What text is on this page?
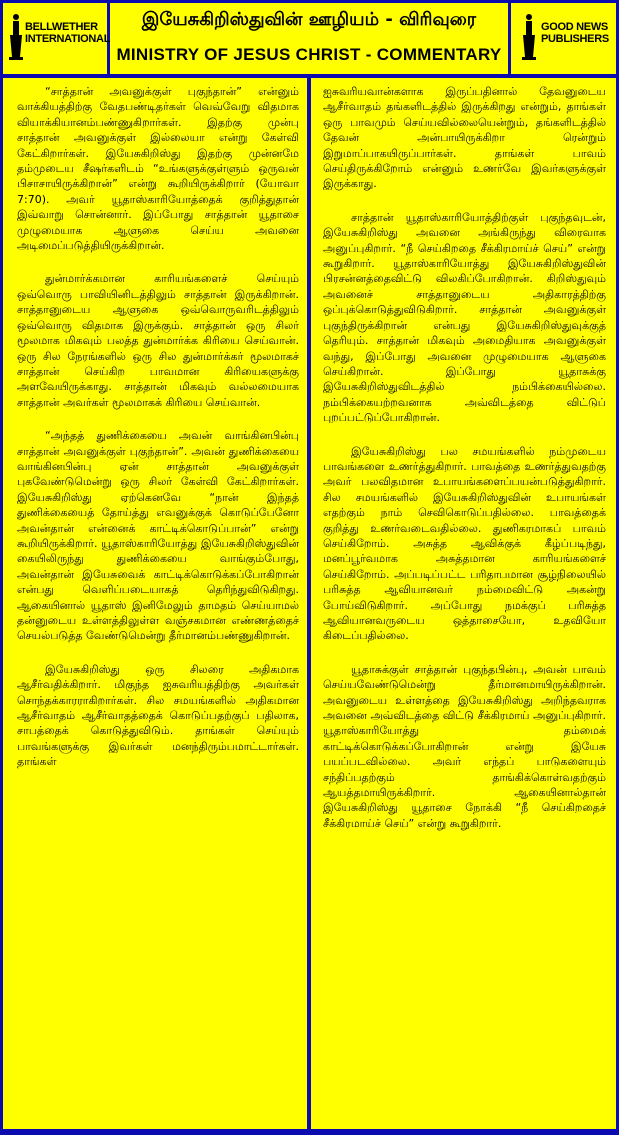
BELLWETHER
INTERNATIONAL
இயேசுகிறிஸ்துவின் ஊழியம் - விரிவுரை
MINISTRY OF JESUS CHRIST - COMMENTARY
GOOD NEWS
PUBLISHERS

“சாத்தான் அவனுக்குள் புகுந்தான்” என்னும் வாக்கியத்திற்கு வேதபண்டிதர்கள் வெவ்வேறு விதமாக வியாக்கியானம்பண்ணுகிறார்கள். இதற்கு முன்பு சாத்தான் அவனுக்குள் இல்லையா என்று கேள்வி கேட்கிறார்கள். இயேசுகிறிஸ்து இதற்கு முன்னமே தம்முடைய சீஷர்களிடம் “உங்களுக்குள்ளும் ஒருவன் பிசாசாயிருக்கிறான்” என்று கூறியிருக்கிறார் (யோவா 7:70). அவர் யூதாஸ்காரியோத்தைக் குறித்துதான் இவ்வாறு சொன்னார். இப்போது சாத்தான் யூதாசை முழுமையாக ஆளுகை செய்ய அவனை அடிமைப்படுத்தியிருக்கிறான்.

துன்மார்க்கமான காரியங்களைச் செய்யும் ஒவ்வொரு பாவியினிடத்திலும் சாத்தான் இருக்கிறான். சாத்தானுடைய ஆளுகை ஒவ்வொருவரிடத்திலும் ஒவ்வொரு விதமாக இருக்கும். சாத்தான் ஒரு சிலர் மூலமாக மிகவும் பலத்த துன்மார்க்க கிரியை செய்வான். ஒரு சில நேரங்களில் ஒரு சில துன்மார்க்கர் மூலமாகச் சாத்தான் செய்கிற பாவமான கிரியைகளுக்கு அளவேயிருக்காது. சாத்தான் மிகவும் வல்லமையாக சாத்தான் அவர்கள் மூலமாகக் கிரியை செய்வான்.

“அந்தத் துணிக்கையை அவன் வாங்கினபின்பு சாத்தான் அவனுக்குள் புகுந்தான்”. அவன் துணிக்கையை வாங்கினபின்பு ஏன் சாத்தான் அவனுக்குள் புகவேண்டுமென்று ஒரு சிலர் கேள்வி கேட்கிறார்கள். இயேசுகிறிஸ்து ஏற்கெனவே “நான் இந்தத் துணிக்கையைத் தோய்த்து எவனுக்குக் கொடுப்பேனோ அவன்தான் என்னைக் காட்டிக்கொடுப்பான்” என்று கூறியிருக்கிறார். யூதாஸ்காரியோத்து இயேசுகிறிஸ்துவின் கையிலிருந்து துணிக்கையை வாங்கும்போது, அவன்தான் இயேசுவைக் காட்டிக்கொடுக்கப்போகிறான் என்பது வெளிப்படையாகத் தெரிந்துவிடுகிறது. ஆகையினால் யூதாஸ் இனிமேலும் தாமதம் செய்யாமல் தன்னுடைய உள்ளத்திலுள்ள வஞ்சகமான எண்ணத்தைச் செயல்படுத்த வேண்டுமென்று தீர்மானம்பண்ணுகிறான்.

இயேசுகிறிஸ்து ஒரு சிலரை அதிகமாக ஆசீர்வதிக்கிறார். மிகுந்த ஐசுவரியத்திற்கு அவர்கள் சொந்தக்காரராகிறார்கள். சில சமயங்களில் அதிகமான ஆசீர்வாதம் ஆசீர்வாதத்தைக் கொடுப்பதற்குப் பதிலாக, சாபத்தைக் கொடுத்துவிடும். தாங்கள் செய்யும் பாவங்களுக்கு இவர்கள் மனந்திரும்பமாட்டார்கள். தாங்கள்

ஐசுவரியவான்களாக இருப்பதினால் தேவனுடைய ஆசீர்வாதம் தங்களிடத்தில் இருக்கிறது என்றும், தாங்கள் ஒரு பாவமும் செய்யவில்லையென்றும், தங்களிடத்தில் தேவன் அன்பாயிருக்கிறா ரென்றும் இறுமாப்பாகயிருப்பார்கள். தாங்கள் பாவம் செய்திருக்கிறோம் என்னும் உணர்வே இவர்களுக்குள் இருக்காது.

சாத்தான் யூதாஸ்காரியோத்திற்குள் புகுந்தவுடன், இயேசுகிறிஸ்து அவனை அங்கிருந்து விரைவாக அனுப்புகிறார். “நீ செய்கிறதை சீக்கிரமாய்ச் செய்” என்று கூறுகிறார். யூதாஸ்காரியோத்து இயேசுகிறிஸ்துவின் பிரசன்னத்தைவிட்டு விலகிப்போகிறான். கிறிஸ்துவும் அவனைச் சாத்தானுடைய அதிகாரத்திற்கு ஒப்புக்கொடுத்துவிடுகிறார். சாத்தான் அவனுக்குள் புகுந்திருக்கிறான் என்பது இயேசுகிறிஸ்துவுக்குத் தெரியும். சாத்தான் மிகவும் அமைதியாக அவனுக்குள் வந்து, இப்போது அவனை முழுமையாக ஆளுகை செய்கிறான். இப்போது யூதாசுக்கு இயேசுகிறிஸ்துவிடத்தில் நம்பிக்கையில்லை. நம்பிக்கையற்றவனாக அவ்விடத்தை விட்டுப் புறப்பட்டுப்போகிறான்.

இயேசுகிறிஸ்து பல சமயங்களில் நம்முடைய பாவங்களை உணர்த்துகிறார். பாவத்தை உணர்த்துவதற்கு அவர் பலவிதமான உபாயங்களைப்பயன்படுத்துகிறார். சில சமயங்களில் இயேசுகிறிஸ்துவின் உபாயங்கள் எதற்கும் நாம் செவிகொடுப்பதில்லை. பாவத்தைக் குறித்து உணர்வடைவதில்லை. துணிகரமாகப் பாவம் செய்கிறோம். அசுத்த ஆவிக்குக் கீழ்ப்படிந்து, மனப்பூர்வமாக அசுத்தமான காரியங்களைச் செய்கிறோம். அப்படிப்பட்ட பரிதாபமான சூழ்நிலையில் பரிசுத்த ஆவியானவர் நம்மைவிட்டு அகன்று போய்விடுகிறார். அப்போது நமக்குப் பரிசுத்த ஆவியானவருடைய ஒத்தாசையோ, உதவியோ கிடைப்பதில்லை.

யூதாசுக்குள் சாத்தான் புகுந்தபின்பு, அவன் பாவம் செய்யவேண்டுமென்று தீர்மானமாயிருக்கிறான். அவனுடைய உள்ளத்தை இயேசுகிறிஸ்து அறிந்தவராக அவனை அவ்விடத்தை விட்டு சீக்கிரமாய் அனுப்புகிறார். யூதாஸ்காரியோத்து தம்மைக் காட்டிக்கொடுக்கப்போகிறான் என்று இயேசு பயப்படவில்லை. அவர் எந்தப் பாடுகளையும் சந்திப்பதற்கும் தாங்கிக்கொள்வதற்கும் ஆயத்தமாயிருக்கிறார். ஆகையினால்தான் இயேசுகிறிஸ்து யூதாசை நோக்கி “நீ செய்கிறதைச் சீக்கிரமாய்ச் செய்” என்று கூறுகிறார்.
